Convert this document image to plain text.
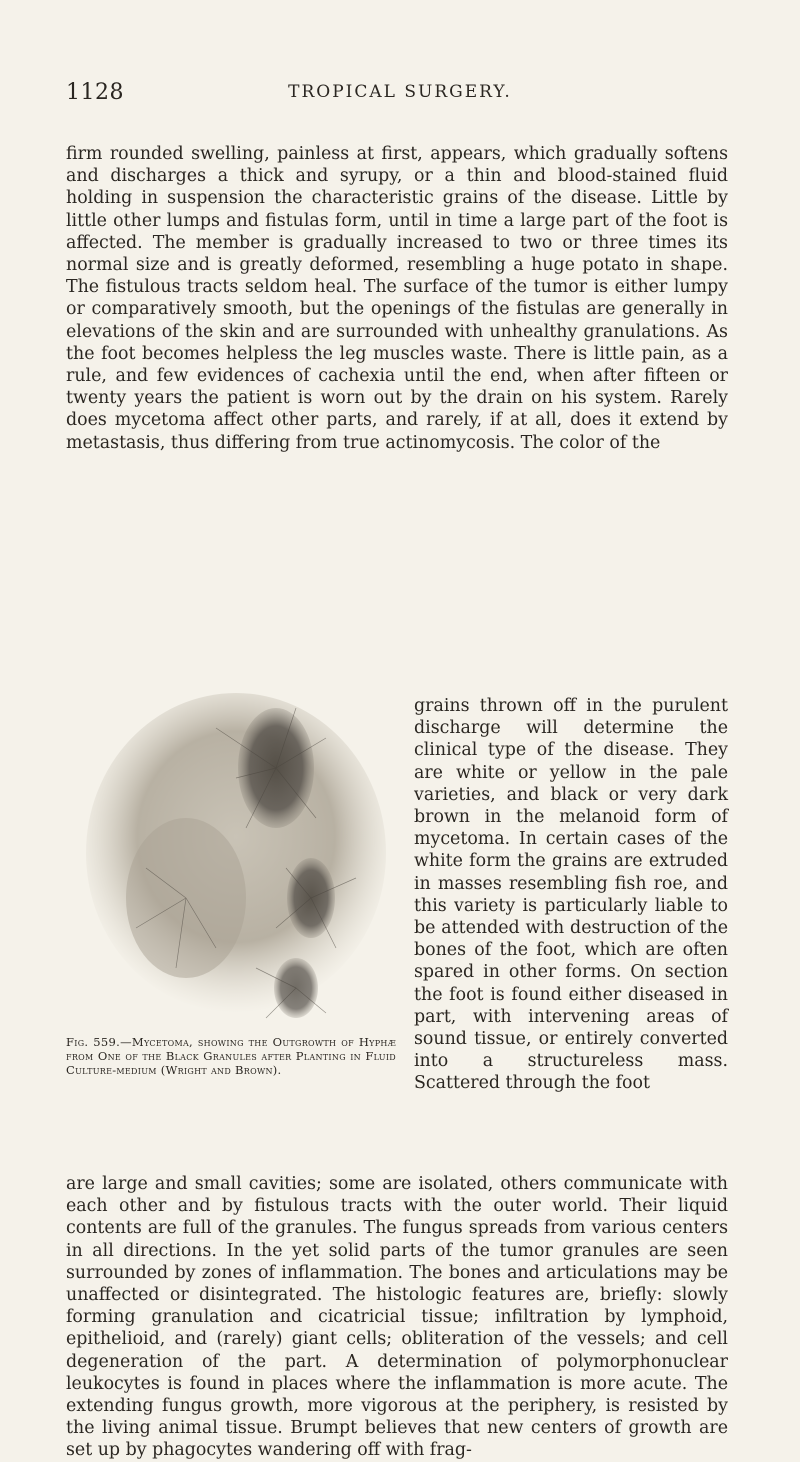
1128	TROPICAL SURGERY.
firm rounded swelling, painless at first, appears, which gradually softens and discharges a thick and syrupy, or a thin and blood-stained fluid holding in suspension the characteristic grains of the disease. Little by little other lumps and fistulas form, until in time a large part of the foot is affected. The member is gradually increased to two or three times its normal size and is greatly deformed, resembling a huge potato in shape. The fistulous tracts seldom heal. The surface of the tumor is either lumpy or comparatively smooth, but the openings of the fistulas are generally in elevations of the skin and are surrounded with unhealthy granulations. As the foot becomes helpless the leg muscles waste. There is little pain, as a rule, and few evidences of cachexia until the end, when after fifteen or twenty years the patient is worn out by the drain on his system. Rarely does mycetoma affect other parts, and rarely, if at all, does it extend by metastasis, thus differing from true actinomycosis. The color of the
grains thrown off in the purulent discharge will determine the clinical type of the disease. They are white or yellow in the pale varieties, and black or very dark brown in the melanoid form of mycetoma. In certain cases of the white form the grains are extruded in masses resembling fish roe, and this variety is particularly liable to be attended with destruction of the bones of the foot, which are often spared in other forms. On section the foot is found either diseased in part, with intervening areas of sound tissue, or entirely converted into a structureless mass. Scattered through the foot
Fig. 559.—Mycetoma, showing the Outgrowth of Hyphæ from One of the Black Granules after Planting in Fluid Culture-medium (Wright and Brown).
are large and small cavities; some are isolated, others communicate with each other and by fistulous tracts with the outer world. Their liquid contents are full of the granules. The fungus spreads from various centers in all directions. In the yet solid parts of the tumor granules are seen surrounded by zones of inflammation. The bones and articulations may be unaffected or disintegrated. The histologic features are, briefly: slowly forming granulation and cicatricial tissue; infiltration by lymphoid, epithelioid, and (rarely) giant cells; obliteration of the vessels; and cell degeneration of the part. A determination of polymorphonuclear leukocytes is found in places where the inflammation is more acute. The extending fungus growth, more vigorous at the periphery, is resisted by the living animal tissue. Brumpt believes that new centers of growth are set up by phagocytes wandering off with frag-
